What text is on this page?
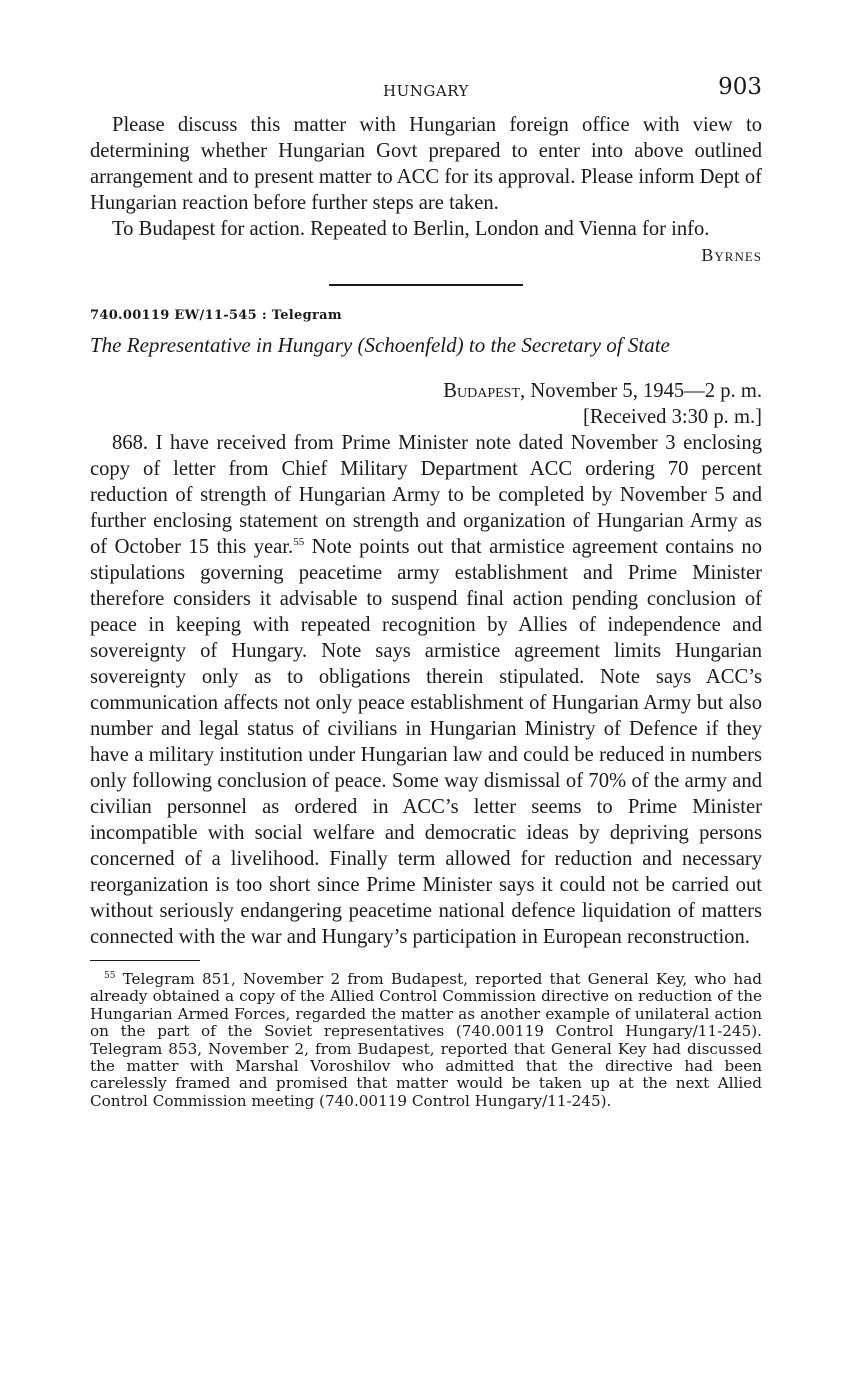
HUNGARY	903

Please discuss this matter with Hungarian foreign office with view to determining whether Hungarian Govt prepared to enter into above outlined arrangement and to present matter to ACC for its approval. Please inform Dept of Hungarian reaction before further steps are taken.

To Budapest for action. Repeated to Berlin, London and Vienna for info.

Byrnes
740.00119 EW/11-545 : Telegram
The Representative in Hungary (Schoenfeld) to the Secretary of State
Budapest, November 5, 1945—2 p. m.
[Received 3:30 p. m.]

868. I have received from Prime Minister note dated November 3 enclosing copy of letter from Chief Military Department ACC ordering 70 percent reduction of strength of Hungarian Army to be completed by November 5 and further enclosing statement on strength and organization of Hungarian Army as of October 15 this year.$^{55}$ Note points out that armistice agreement contains no stipulations governing peacetime army establishment and Prime Minister therefore considers it advisable to suspend final action pending conclusion of peace in keeping with repeated recognition by Allies of independence and sovereignty of Hungary. Note says armistice agreement limits Hungarian sovereignty only as to obligations therein stipulated. Note says ACC’s communication affects not only peace establishment of Hungarian Army but also number and legal status of civilians in Hungarian Ministry of Defence if they have a military institution under Hungarian law and could be reduced in numbers only following conclusion of peace. Some way dismissal of 70% of the army and civilian personnel as ordered in ACC’s letter seems to Prime Minister incompatible with social welfare and democratic ideas by depriving persons concerned of a livelihood. Finally term allowed for reduction and necessary reorganization is too short since Prime Minister says it could not be carried out without seriously endangering peacetime national defence liquidation of matters connected with the war and Hungary’s participation in European reconstruction.

$^{55}$ Telegram 851, November 2 from Budapest, reported that General Key, who had already obtained a copy of the Allied Control Commission directive on reduction of the Hungarian Armed Forces, regarded the matter as another example of unilateral action on the part of the Soviet representatives (740.00119 Control Hungary/11-245). Telegram 853, November 2, from Budapest, reported that General Key had discussed the matter with Marshal Voroshilov who admitted that the directive had been carelessly framed and promised that matter would be taken up at the next Allied Control Commission meeting (740.00119 Control Hungary/11-245).
